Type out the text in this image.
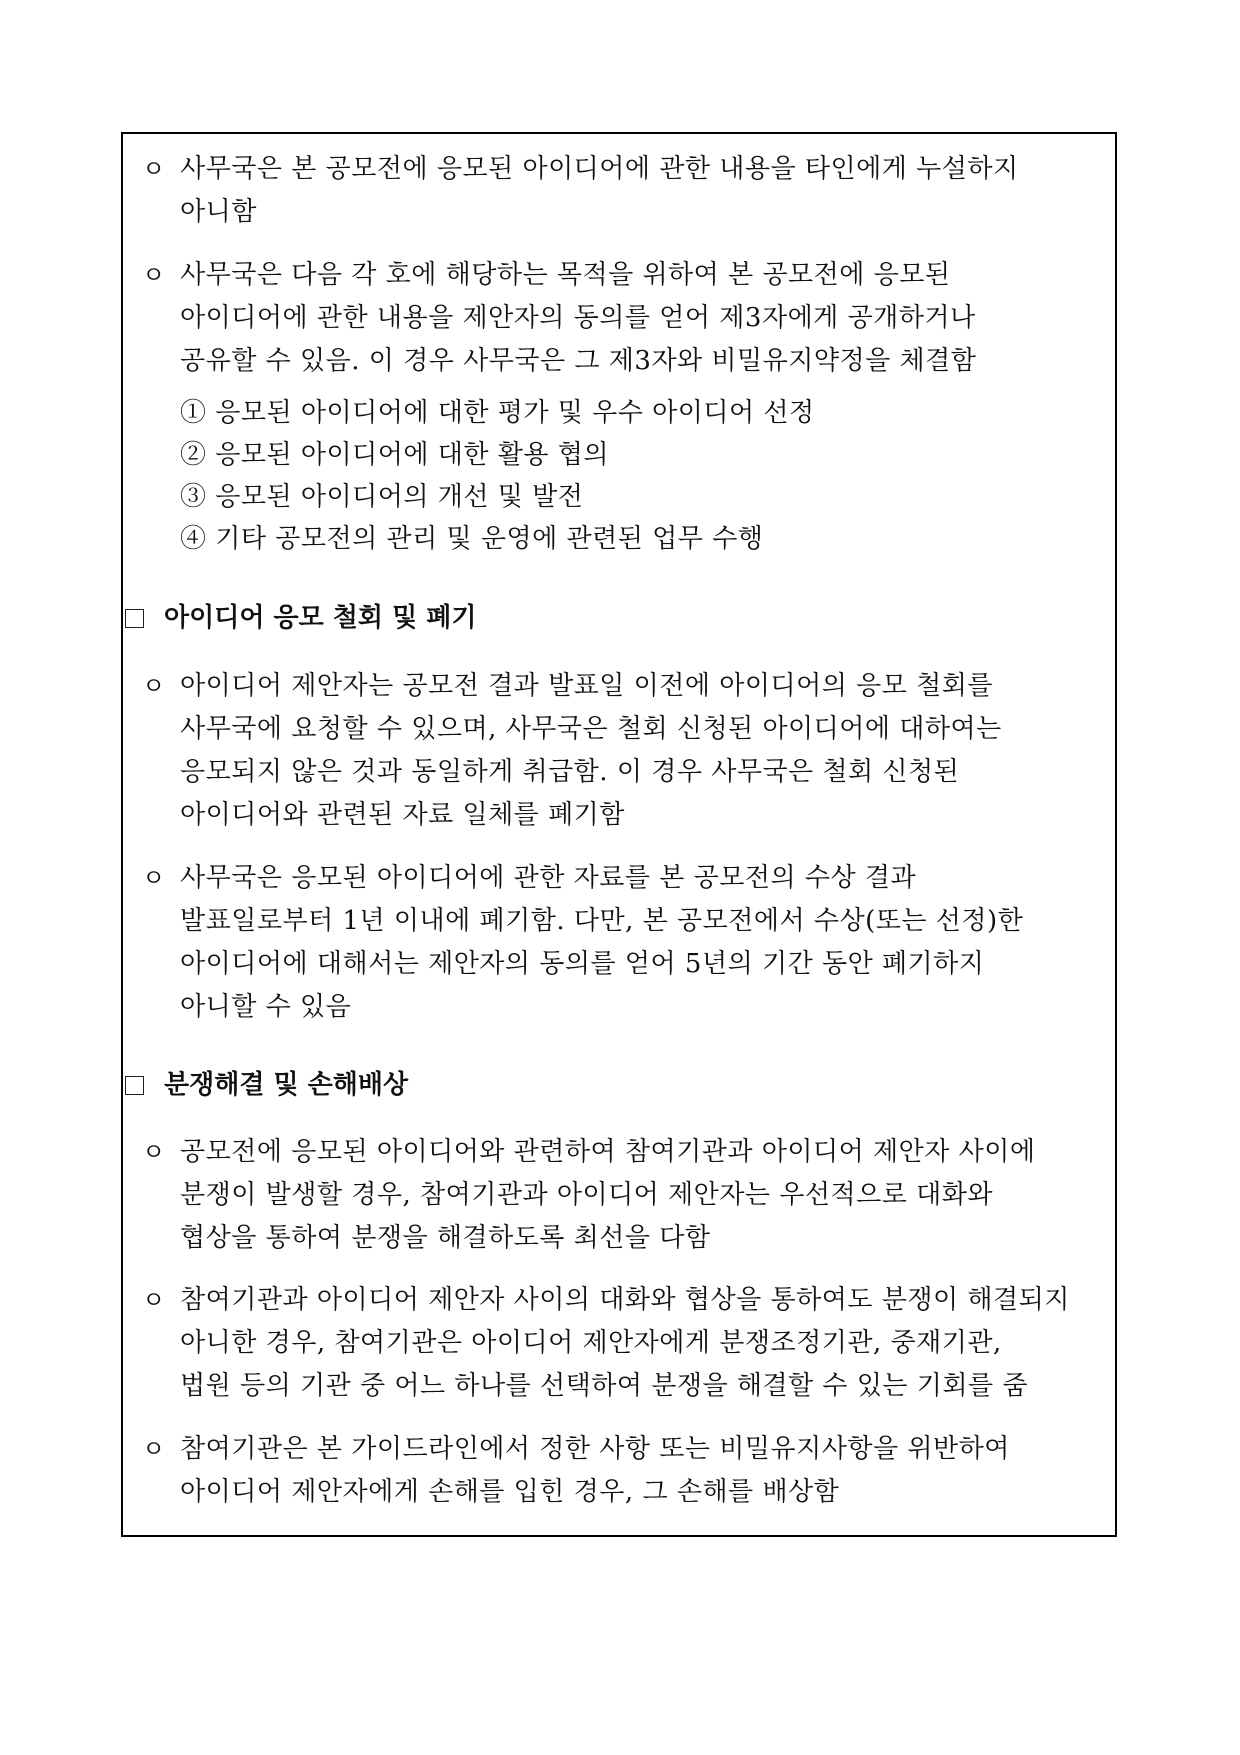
ㅇ 사무국은 본 공모전에 응모된 아이디어에 관한 내용을 타인에게 누설하지
아니함
ㅇ 사무국은 다음 각 호에 해당하는 목적을 위하여 본 공모전에 응모된
아이디어에 관한 내용을 제안자의 동의를 얻어 제3자에게 공개하거나
공유할 수 있음. 이 경우 사무국은 그 제3자와 비밀유지약정을 체결함
① 응모된 아이디어에 대한 평가 및 우수 아이디어 선정
② 응모된 아이디어에 대한 활용 협의
③ 응모된 아이디어의 개선 및 발전
④ 기타 공모전의 관리 및 운영에 관련된 업무 수행
아이디어 응모 철회 및 폐기
ㅇ 아이디어 제안자는 공모전 결과 발표일 이전에 아이디어의 응모 철회를
사무국에 요청할 수 있으며, 사무국은 철회 신청된 아이디어에 대하여는
응모되지 않은 것과 동일하게 취급함. 이 경우 사무국은 철회 신청된
아이디어와 관련된 자료 일체를 폐기함
ㅇ 사무국은 응모된 아이디어에 관한 자료를 본 공모전의 수상 결과
발표일로부터 1년 이내에 폐기함. 다만, 본 공모전에서 수상(또는 선정)한
아이디어에 대해서는 제안자의 동의를 얻어 5년의 기간 동안 폐기하지
아니할 수 있음
분쟁해결 및 손해배상
ㅇ 공모전에 응모된 아이디어와 관련하여 참여기관과 아이디어 제안자 사이에
분쟁이 발생할 경우, 참여기관과 아이디어 제안자는 우선적으로 대화와
협상을 통하여 분쟁을 해결하도록 최선을 다함
ㅇ 참여기관과 아이디어 제안자 사이의 대화와 협상을 통하여도 분쟁이 해결되지
아니한 경우, 참여기관은 아이디어 제안자에게 분쟁조정기관, 중재기관,
법원 등의 기관 중 어느 하나를 선택하여 분쟁을 해결할 수 있는 기회를 줌
ㅇ 참여기관은 본 가이드라인에서 정한 사항 또는 비밀유지사항을 위반하여
아이디어 제안자에게 손해를 입힌 경우, 그 손해를 배상함
